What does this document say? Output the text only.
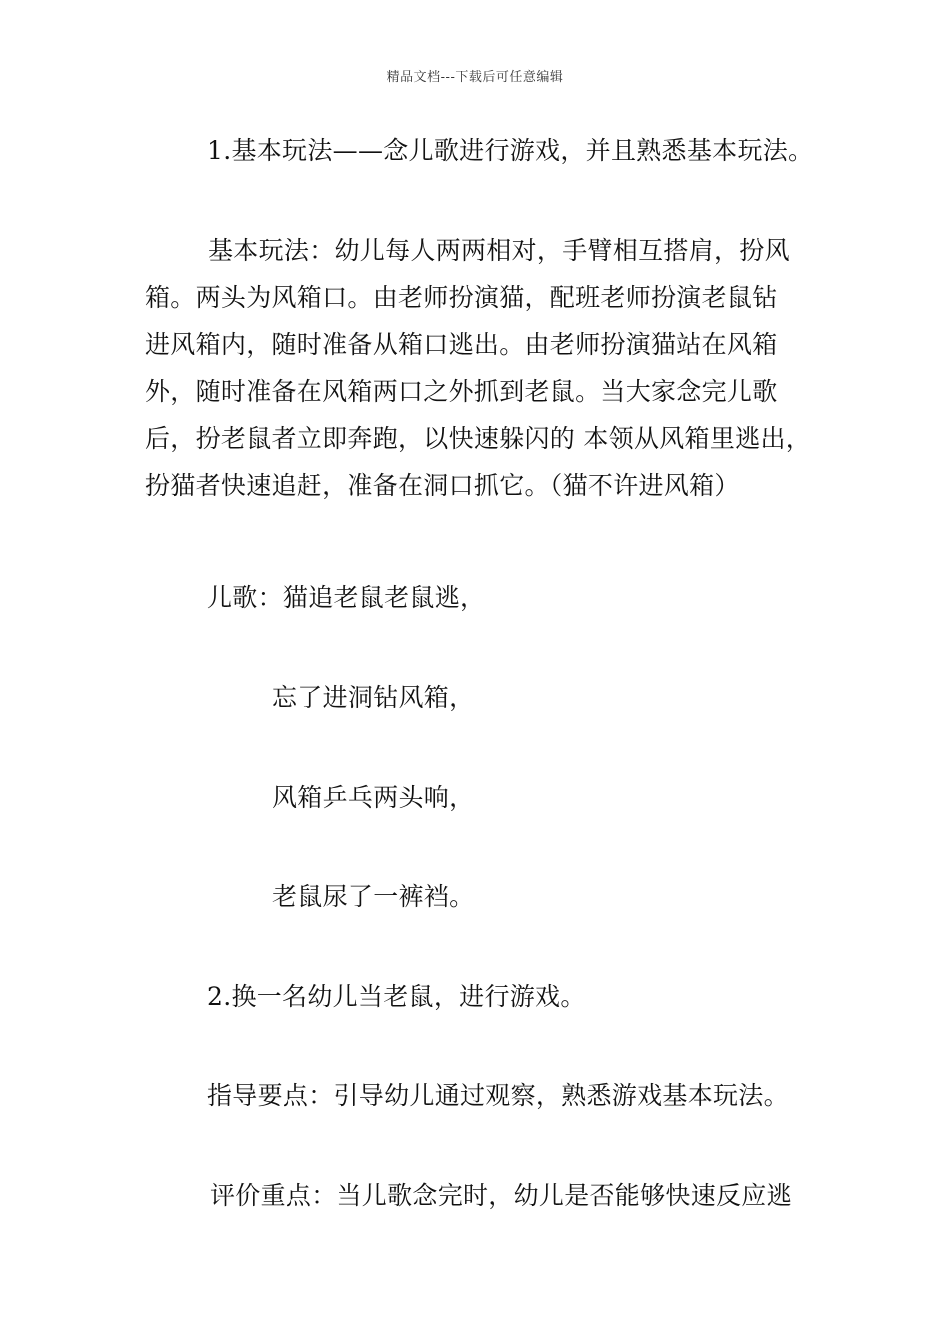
精品文档---下载后可任意编辑
1.基本玩法——念儿歌进行游戏，并且熟悉基本玩法。
基本玩法：幼儿每人两两相对，手臂相互搭肩，扮风
箱。两头为风箱口。由老师扮演猫，配班老师扮演老鼠钻
进风箱内，随时准备从箱口逃出。由老师扮演猫站在风箱
外，随时准备在风箱两口之外抓到老鼠。当大家念完儿歌
后，扮老鼠者立即奔跑，以快速躲闪的 本领从风箱里逃出，
扮猫者快速追赶，准备在洞口抓它。（猫不许进风箱）
儿歌：猫追老鼠老鼠逃，
忘了进洞钻风箱，
风箱乒乓两头响，
老鼠尿了一裤裆。
2.换一名幼儿当老鼠，进行游戏。
指导要点：引导幼儿通过观察，熟悉游戏基本玩法。
评价重点：当儿歌念完时，幼儿是否能够快速反应逃
